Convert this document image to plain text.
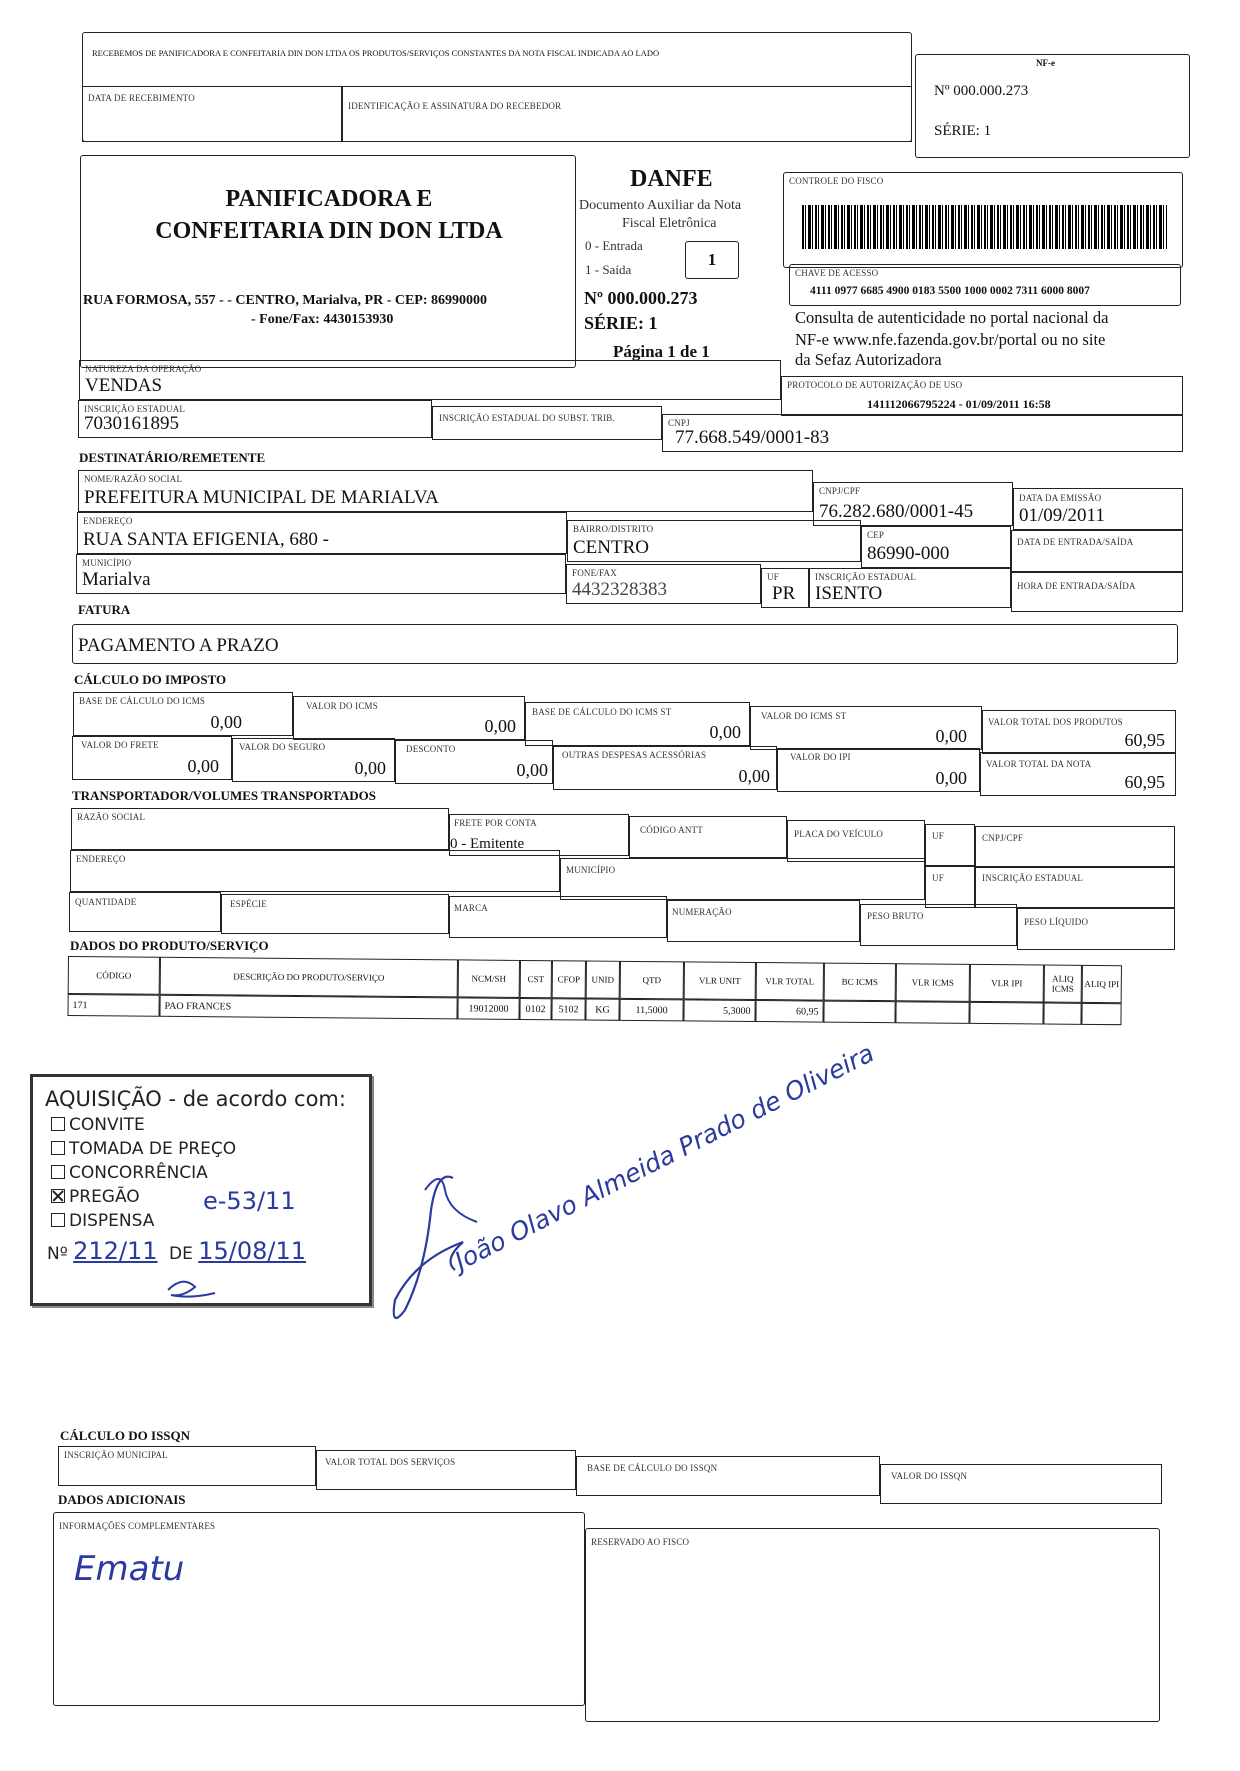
RECEBEMOS DE PANIFICADORA E CONFEITARIA DIN DON LTDA OS PRODUTOS/SERVIÇOS CONSTANTES DA NOTA FISCAL INDICADA AO LADO
DATA DE RECEBIMENTO
IDENTIFICAÇÃO E ASSINATURA DO RECEBEDOR
NF-e
Nº 000.000.273
SÉRIE: 1
PANIFICADORA E
CONFEITARIA DIN DON LTDA
RUA FORMOSA, 557 - - CENTRO, Marialva, PR - CEP: 86990000
- Fone/Fax: 4430153930
DANFE
Documento Auxiliar da Nota
Fiscal Eletrônica
0 - Entrada
1 - Saída
1
Nº 000.000.273
SÉRIE: 1
Página 1 de 1
CONTROLE DO FISCO
CHAVE DE ACESSO
4111 0977 6685 4900 0183 5500 1000 0002 7311 6000 8007
Consulta de autenticidade no portal nacional da
NF-e www.nfe.fazenda.gov.br/portal ou no site
da Sefaz Autorizadora
NATUREZA DA OPERAÇÃO
VENDAS	PROTOCOLO DE AUTORIZAÇÃO DE USO
141112066795224 - 01/09/2011 16:58
INSCRIÇÃO ESTADUAL
7030161895	INSCRIÇÃO ESTADUAL DO SUBST. TRIB.	CNPJ
77.668.549/0001-83
DESTINATÁRIO/REMETENTE
NOME/RAZÃO SOCIAL
PREFEITURA MUNICIPAL DE MARIALVA	CNPJ/CPF
76.282.680/0001-45
DATA DA EMISSÃO
01/09/2011
ENDEREÇO
RUA SANTA EFIGENIA, 680 -	BAIRRO/DISTRITO
CENTRO
CEP
86990-000
DATA DE ENTRADA/SAÍDA
MUNICÍPIO
Marialva	FONE/FAX
4432328383
UF
PR
INSCRIÇÃO ESTADUAL
ISENTO	HORA DE ENTRADA/SAÍDA
FATURA
PAGAMENTO A PRAZO
CÁLCULO DO IMPOSTO
BASE DE CÁLCULO DO ICMS
0,00
VALOR DO ICMS
0,00
BASE DE CÁLCULO DO ICMS ST
0,00
VALOR DO ICMS ST
0,00
VALOR TOTAL DOS PRODUTOS
60,95
VALOR DO FRETE
0,00
VALOR DO SEGURO
0,00
DESCONTO
0,00
OUTRAS DESPESAS ACESSÓRIAS
0,00
VALOR DO IPI
0,00
VALOR TOTAL DA NOTA
60,95
TRANSPORTADOR/VOLUMES TRANSPORTADOS
RAZÃO SOCIAL
FRETE POR CONTA
0 - Emitente
CÓDIGO ANTT	PLACA DO VEÍCULO	UF	CNPJ/CPF
ENDEREÇO
MUNICÍPIO
UF	INSCRIÇÃO ESTADUAL
QUANTIDADE	ESPÉCIE	MARCA	NUMERAÇÃO	PESO BRUTO
PESO LÍQUIDO
DADOS DO PRODUTO/SERVIÇO
CÓDIGO	DESCRIÇÃO DO PRODUTO/SERVIÇO	NCM/SH	CST	CFOP	UNID	QTD	VLR UNIT	VLR TOTAL	BC ICMS	VLR ICMS	VLR IPI	ALIQ ICMS	ALIQ IPI
171	PAO FRANCES	19012000	0102	5102	KG	11,5000	5,3000	60,95
AQUISIÇÃO - de acordo com:
CONVITE
TOMADA DE PREÇO
CONCORRÊNCIA
PREGÃO
DISPENSA
e-53/11
Nº 212/11 DE 15/08/11	João Olavo Almeida Prado de Oliveira
CÁLCULO DO ISSQN
INSCRIÇÃO MUNICIPAL
VALOR TOTAL DOS SERVIÇOS
BASE DE CÁLCULO DO ISSQN
VALOR DO ISSQN
DADOS ADICIONAIS
INFORMAÇÕES COMPLEMENTARES
Ematu
RESERVADO AO FISCO
